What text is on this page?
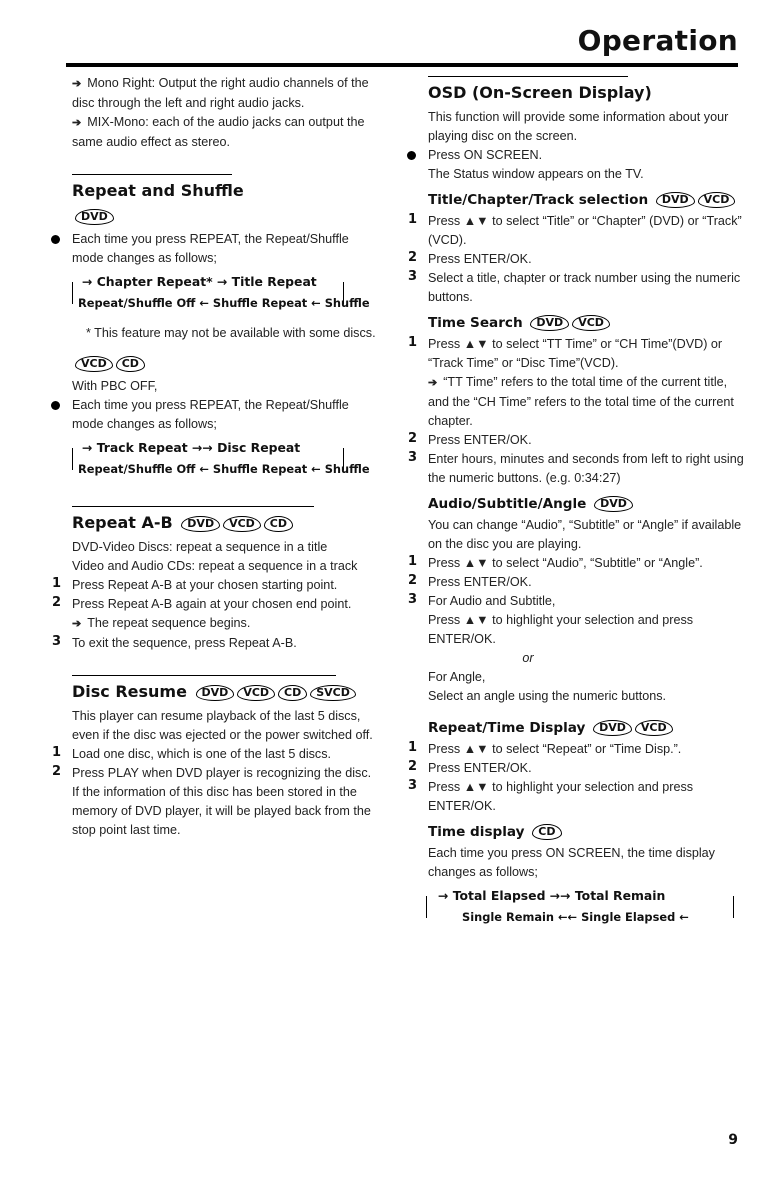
Operation

➔ Mono Right: Output the right audio channels of the disc through the left and right audio jacks.

➔ MIX-Mono: each of the audio jacks can output the same audio effect as stereo.

Repeat and Shuffle
DVD

Each time you press REPEAT, the Repeat/Shuffle mode changes as follows;

→ Chapter Repeat* → Title Repeat
Repeat/Shuffle Off ← Shuffle Repeat ← Shuffle

* This feature may not be available with some discs.

VCD CD

With PBC OFF,

Each time you press REPEAT, the Repeat/Shuffle mode changes as follows;

→ Track Repeat →→ Disc Repeat
Repeat/Shuffle Off ← Shuffle Repeat ← Shuffle
Repeat A-B DVD VCD CD

DVD-Video Discs: repeat a sequence in a title

Video and Audio CDs: repeat a sequence in a track

1 Press Repeat A-B at your chosen starting point.

2 Press Repeat A-B again at your chosen end point.

➔ The repeat sequence begins.

3 To exit the sequence, press Repeat A-B.

Disc Resume DVD VCD CD SVCD

This player can resume playback of the last 5 discs, even if the disc was ejected or the power switched off.

1 Load one disc, which is one of the last 5 discs.

2 Press PLAY when DVD player is recognizing the disc. If the information of this disc has been stored in the memory of DVD player, it will be played back from the stop point last time.

OSD (On-Screen Display)

This function will provide some information about your playing disc on the screen.

Press ON SCREEN.

The Status window appears on the TV.

Title/Chapter/Track selection DVD VCD
1 Press ▲▼ to select “Title” or “Chapter” (DVD) or “Track” (VCD).

2 Press ENTER/OK.

3 Select a title, chapter or track number using the numeric buttons.

Time Search DVD VCD
1 Press ▲▼ to select “TT Time” or “CH Time”(DVD) or “Track Time” or “Disc Time”(VCD).

➔ “TT Time” refers to the total time of the current title, and the “CH Time” refers to the total time of the current chapter.

2 Press ENTER/OK.

3 Enter hours, minutes and seconds from left to right using the numeric buttons. (e.g. 0:34:27)

Audio/Subtitle/Angle DVD

You can change “Audio”, “Subtitle” or “Angle” if available on the disc you are playing.

1 Press ▲▼ to select “Audio”, “Subtitle” or “Angle”.

2 Press ENTER/OK.

3 For Audio and Subtitle,

Press ▲▼ to highlight your selection and press ENTER/OK.

or

For Angle,

Select an angle using the numeric buttons.

Repeat/Time Display DVD VCD
1 Press ▲▼ to select “Repeat” or “Time Disp.”.

2 Press ENTER/OK.

3 Press ▲▼ to highlight your selection and press ENTER/OK.

Time display CD

Each time you press ON SCREEN, the time display changes as follows;

→ Total Elapsed →→ Total Remain
Single Remain ←← Single Elapsed ←
9
